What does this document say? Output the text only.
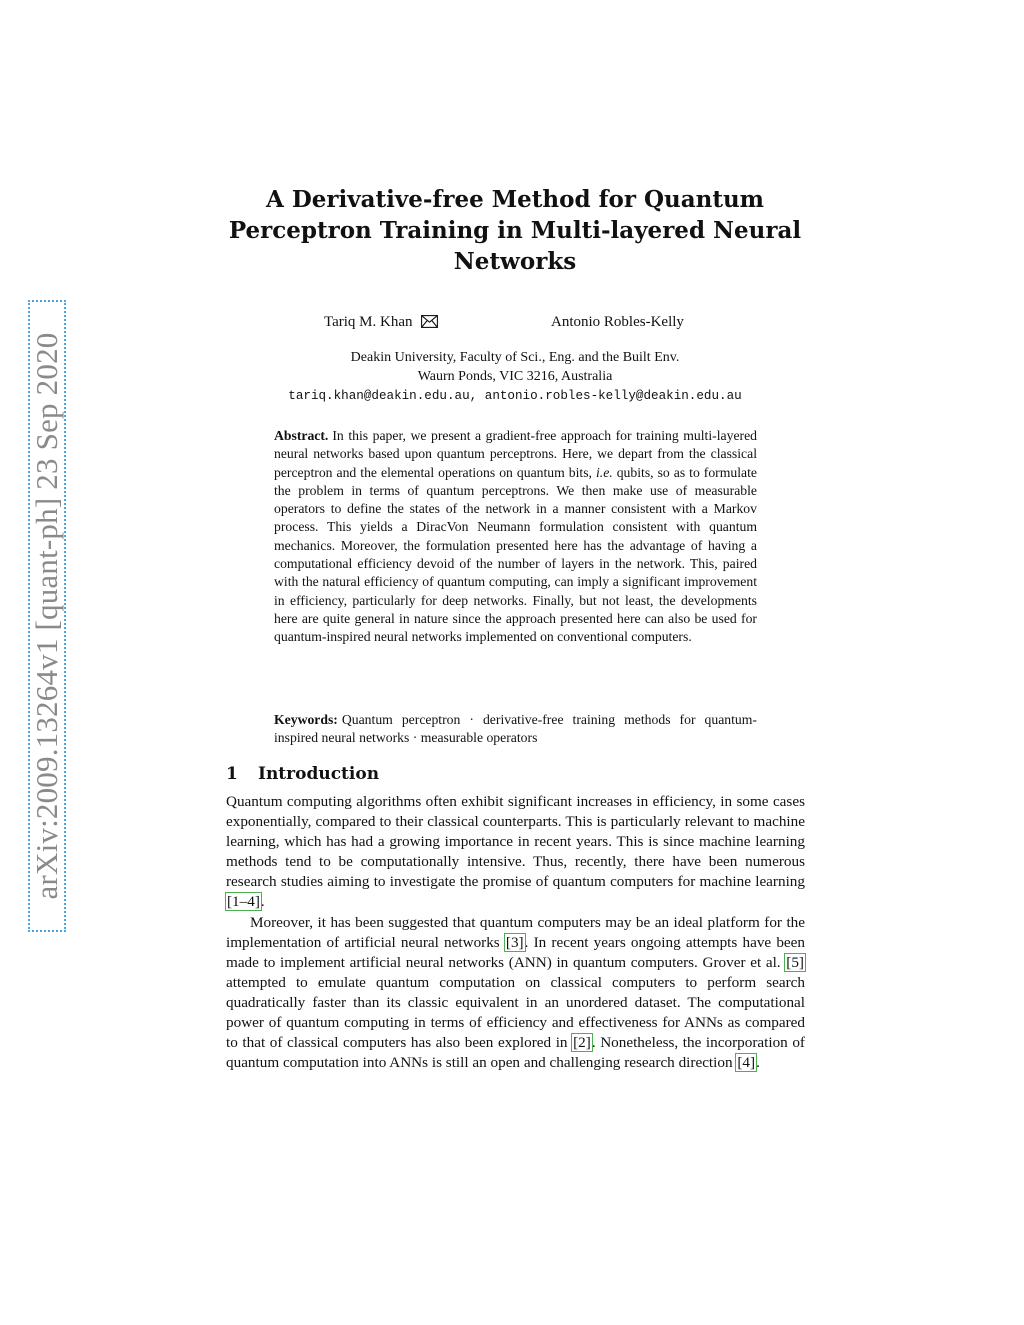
arXiv:2009.13264v1 [quant-ph] 23 Sep 2020
A Derivative-free Method for Quantum Perceptron Training in Multi-layered Neural Networks
Tariq M. Khan	Antonio Robles-Kelly
Deakin University, Faculty of Sci., Eng. and the Built Env.
Waurn Ponds, VIC 3216, Australia
tariq.khan@deakin.edu.au, antonio.robles-kelly@deakin.edu.au
Abstract. In this paper, we present a gradient-free approach for training multi-layered neural networks based upon quantum perceptrons. Here, we depart from the classical perceptron and the elemental operations on quantum bits, i.e. qubits, so as to formulate the problem in terms of quantum perceptrons. We then make use of measurable operators to define the states of the network in a manner consistent with a Markov process. This yields a DiracVon Neumann formulation consistent with quantum mechanics. Moreover, the formulation presented here has the advantage of having a computational efficiency devoid of the number of layers in the network. This, paired with the natural efficiency of quantum computing, can imply a significant improvement in efficiency, particularly for deep networks. Finally, but not least, the developments here are quite general in nature since the approach presented here can also be used for quantum-inspired neural networks implemented on conventional computers.
Keywords: Quantum perceptron · derivative-free training methods for quantum-inspired neural networks · measurable operators
1 Introduction
Quantum computing algorithms often exhibit significant increases in efficiency, in some cases exponentially, compared to their classical counterparts. This is particularly relevant to machine learning, which has had a growing importance in recent years. This is since machine learning methods tend to be computationally intensive. Thus, recently, there have been numerous research studies aiming to investigate the promise of quantum computers for machine learning [1–4].
Moreover, it has been suggested that quantum computers may be an ideal platform for the implementation of artificial neural networks [3]. In recent years ongoing attempts have been made to implement artificial neural networks (ANN) in quantum computers. Grover et al. [5] attempted to emulate quantum computation on classical computers to perform search quadratically faster than its classic equivalent in an unordered dataset. The computational power of quantum computing in terms of efficiency and effectiveness for ANNs as compared to that of classical computers has also been explored in [2]. Nonetheless, the incorporation of quantum computation into ANNs is still an open and challenging research direction [4].
